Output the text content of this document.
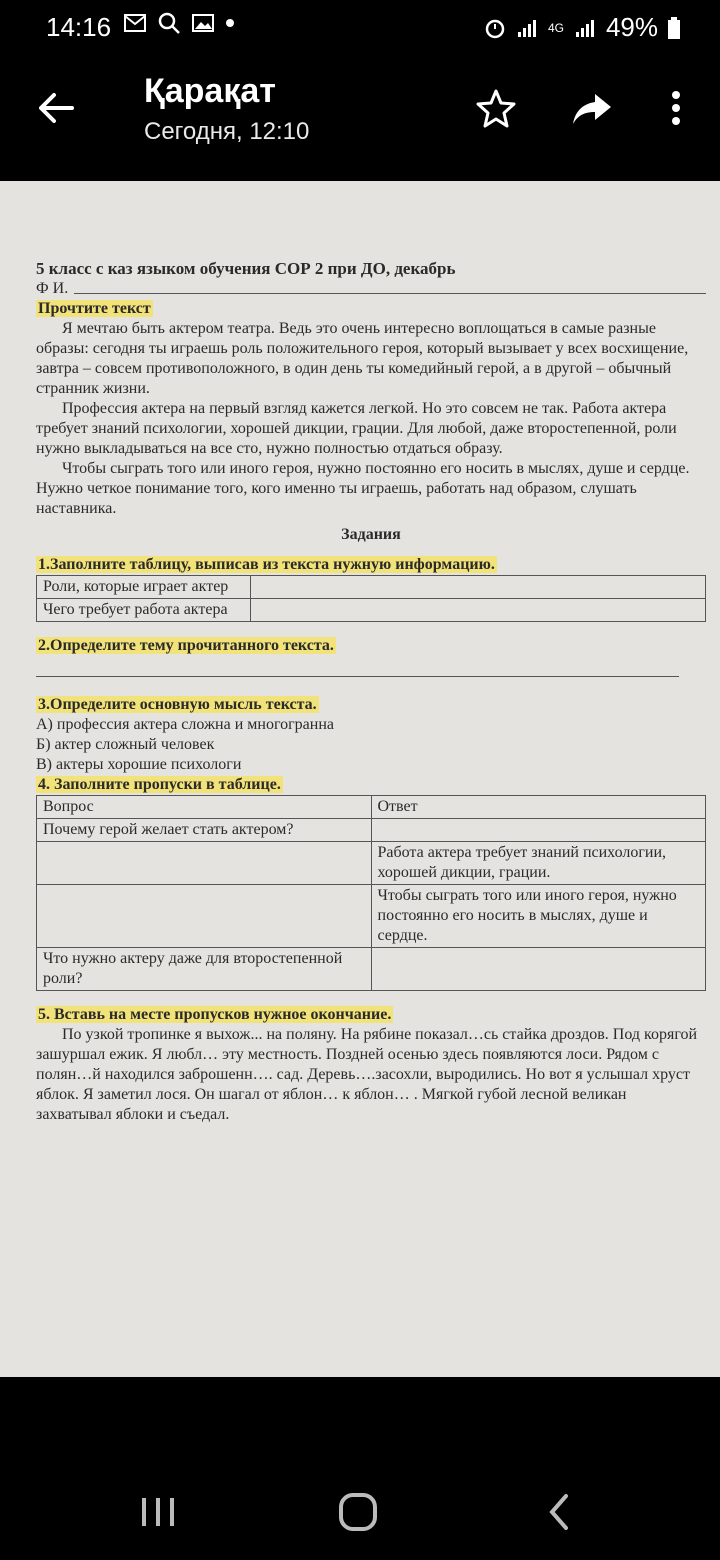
14:16	4G 49%
Қарақат
Сегодня, 12:10
5 класс с каз языком обучения СОР 2 при ДО, декабрь
Ф И.
Прочтите текст

Я мечтаю быть актером театра. Ведь это очень интересно воплощаться в самые разные образы: сегодня ты играешь роль положительного героя, который вызывает у всех восхищение, завтра – совсем противоположного, в один день ты комедийный герой, а в другой – обычный странник жизни.

Профессия актера на первый взгляд кажется легкой. Но это совсем не так. Работа актера требует знаний психологии, хорошей дикции, грации. Для любой, даже второстепенной, роли нужно выкладываться на все сто, нужно полностью отдаться образу.

Чтобы сыграть того или иного героя, нужно постоянно его носить в мыслях, душе и сердце. Нужно четкое понимание того, кого именно ты играешь, работать над образом, слушать наставника.

Задания
1.Заполните таблицу, выписав из текста нужную информацию.
Роли, которые играет актер	
Чего требует работа актера	
2.Определите тему прочитанного текста.
3.Определите основную мысль текста.
А) профессия актера сложна и многогранна
Б) актер сложный человек
В) актеры хорошие психологи
4. Заполните пропуски в таблице.
Вопрос	Ответ
Почему герой желает стать актером?	
	Работа актера требует знаний психологии, хорошей дикции, грации.
	Чтобы сыграть того или иного героя, нужно постоянно его носить в мыслях, душе и сердце.
Что нужно актеру даже для второстепенной роли?	
5. Вставь на месте пропусков нужное окончание.

По узкой тропинке я выхож... на поляну. На рябине показал…сь стайка дроздов. Под корягой зашуршал ежик. Я любл… эту местность. Поздней осенью здесь появляются лоси. Рядом с полян…й находился заброшенн…. сад. Деревь….засохли, выродились. Но вот я услышал хруст яблок. Я заметил лося. Он шагал от яблон… к яблон… . Мягкой губой лесной великан захватывал яблоки и съедал.
